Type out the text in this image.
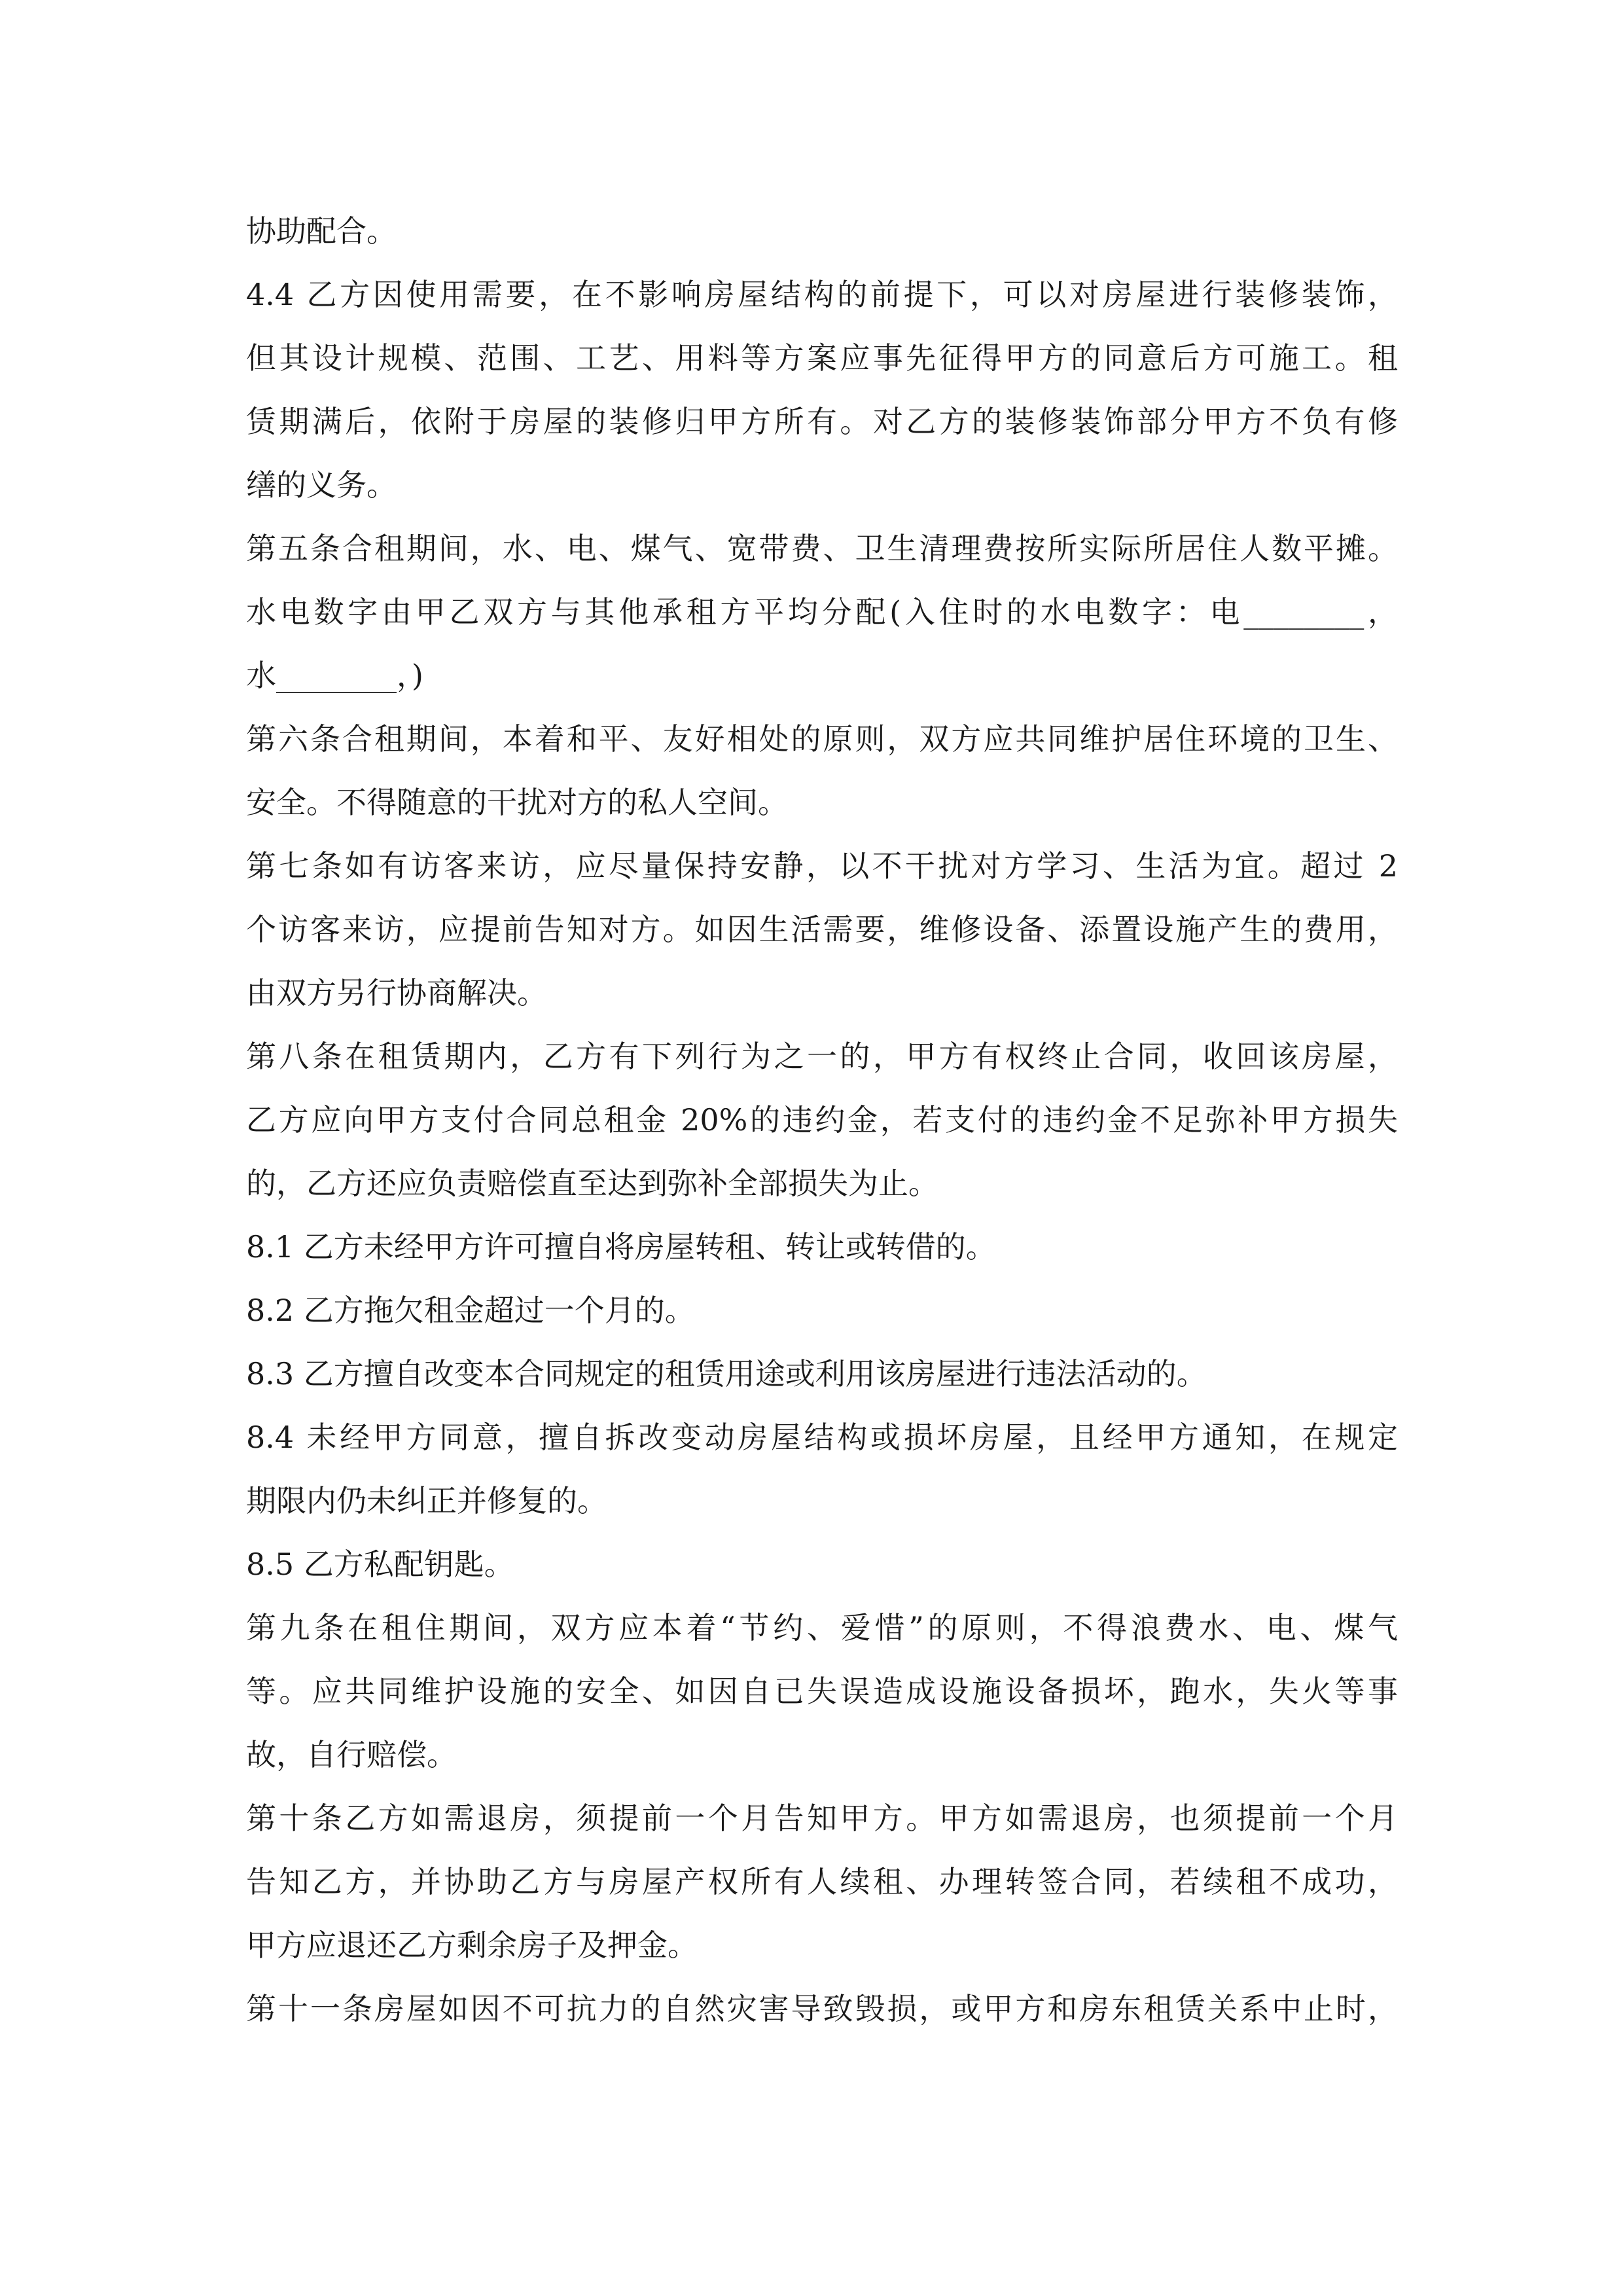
协助配合。
4.4 乙方因使用需要，在不影响房屋结构的前提下，可以对房屋进行装修装饰，
但其设计规模、范围、工艺、用料等方案应事先征得甲方的同意后方可施工。租
赁期满后，依附于房屋的装修归甲方所有。对乙方的装修装饰部分甲方不负有修
缮的义务。
第五条合租期间，水、电、煤气、宽带费、卫生清理费按所实际所居住人数平摊。
水电数字由甲乙双方与其他承租方平均分配(入住时的水电数字：电________，
水________，)
第六条合租期间，本着和平、友好相处的原则，双方应共同维护居住环境的卫生、
安全。不得随意的干扰对方的私人空间。
第七条如有访客来访，应尽量保持安静，以不干扰对方学习、生活为宜。超过 2
个访客来访，应提前告知对方。如因生活需要，维修设备、添置设施产生的费用，
由双方另行协商解决。
第八条在租赁期内，乙方有下列行为之一的，甲方有权终止合同，收回该房屋，
乙方应向甲方支付合同总租金 20%的违约金，若支付的违约金不足弥补甲方损失
的，乙方还应负责赔偿直至达到弥补全部损失为止。
8.1 乙方未经甲方许可擅自将房屋转租、转让或转借的。
8.2 乙方拖欠租金超过一个月的。
8.3 乙方擅自改变本合同规定的租赁用途或利用该房屋进行违法活动的。
8.4 未经甲方同意，擅自拆改变动房屋结构或损坏房屋，且经甲方通知，在规定
期限内仍未纠正并修复的。
8.5 乙方私配钥匙。
第九条在租住期间，双方应本着“节约、爱惜”的原则，不得浪费水、电、煤气
等。应共同维护设施的安全、如因自已失误造成设施设备损坏，跑水，失火等事
故，自行赔偿。
第十条乙方如需退房，须提前一个月告知甲方。甲方如需退房，也须提前一个月
告知乙方，并协助乙方与房屋产权所有人续租、办理转签合同，若续租不成功，
甲方应退还乙方剩余房子及押金。
第十一条房屋如因不可抗力的自然灾害导致毁损，或甲方和房东租赁关系中止时，
